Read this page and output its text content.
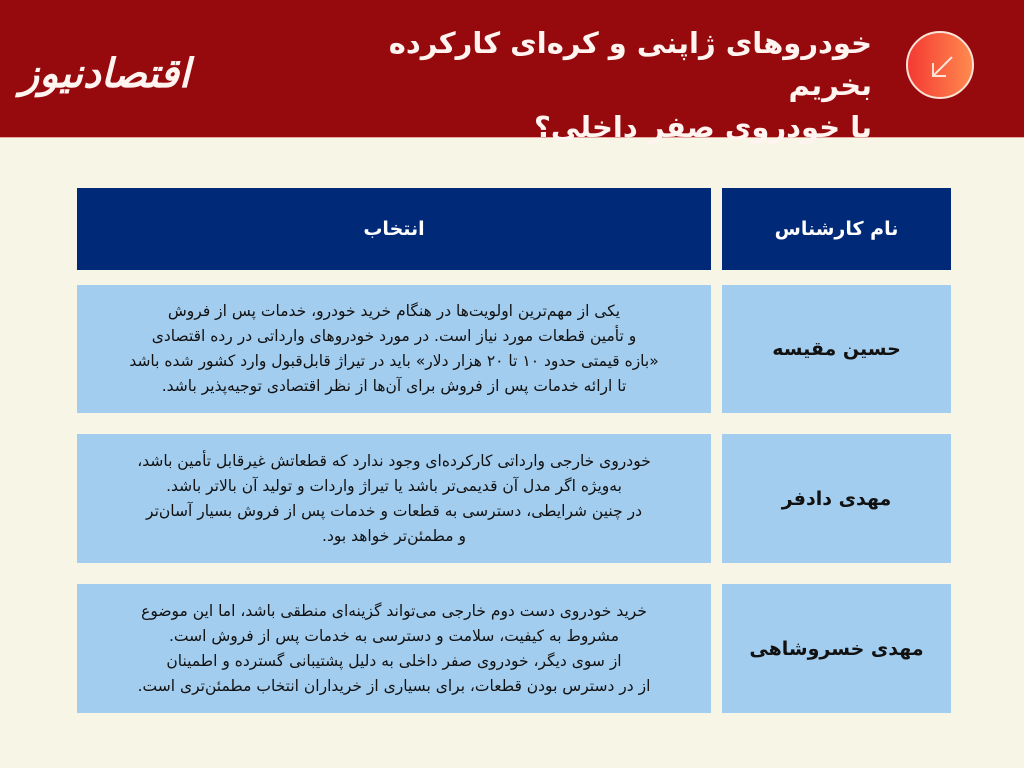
اقتصادنیوز
خودروهای ژاپنی و کره‌ای کارکرده بخریم
یا خودروی صفر داخلی؟
انتخاب	نام کارشناس
یکی از مهم‌ترین اولویت‌ها در هنگام خرید خودرو، خدمات پس از فروش
و تأمین قطعات مورد نیاز است. در مورد خودروهای وارداتی در رده اقتصادی
«بازه قیمتی حدود ۱۰ تا ۲۰ هزار دلار» باید در تیراژ قابل‌قبول وارد کشور شده باشد
تا ارائه خدمات پس از فروش برای آن‌ها از نظر اقتصادی توجیه‌پذیر باشد.
حسین مقیسه
خودروی خارجی وارداتی کارکرده‌ای وجود ندارد که قطعاتش غیرقابل تأمین باشد،
به‌ویژه اگر مدل آن قدیمی‌تر باشد یا تیراژ واردات و تولید آن بالاتر باشد.
در چنین شرایطی، دسترسی به قطعات و خدمات پس از فروش بسیار آسان‌تر
و مطمئن‌تر خواهد بود.
مهدی دادفر
خرید خودروی دست دوم خارجی می‌تواند گزینه‌ای منطقی باشد، اما این موضوع
مشروط به کیفیت، سلامت و دسترسی به خدمات پس از فروش است.
از سوی دیگر، خودروی صفر داخلی به دلیل پشتیبانی گسترده و اطمینان
از در دسترس بودن قطعات، برای بسیاری از خریداران انتخاب مطمئن‌تری است.
مهدی خسروشاهی
